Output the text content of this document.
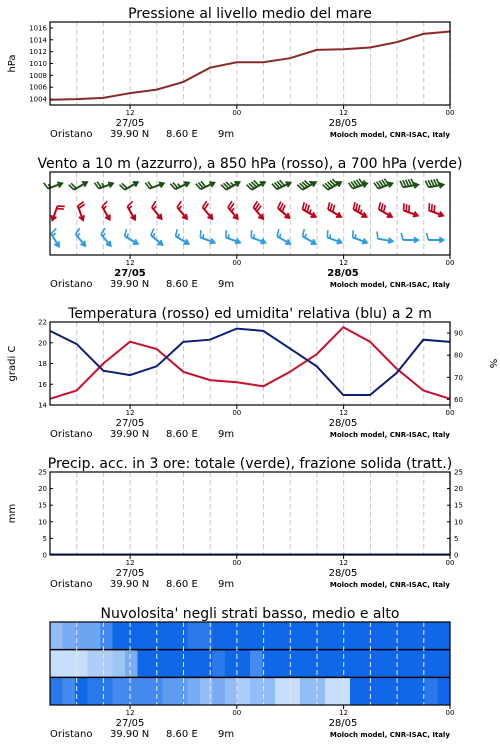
1004
1006
1008
1010
1012
1014
1016
hPa
Pressione al livello medio del mare
12	00	12	00
27/05	28/05
Oristano 39.90 N 8.60 E 9m	Moloch model, CNR-ISAC, Italy
Vento a 10 m (azzurro), a 850 hPa (rosso), a 700 hPa (verde)
12	00	12	00
27/05	28/05
Oristano 39.90 N 8.60 E 9m	Moloch model, CNR-ISAC, Italy
14
16
18
20
22
60
70
80
90
gradi C	%
Temperatura (rosso) ed umidita' relativa (blu) a 2 m
12	00	12	00
27/05	28/05
Oristano 39.90 N 8.60 E 9m	Moloch model, CNR-ISAC, Italy
0
5
10
15
20
25
0
5
10
15
20
25
mm
Precip. acc. in 3 ore: totale (verde), frazione solida (tratt.)
12	00	12	00
27/05	28/05
Oristano 39.90 N 8.60 E 9m	Moloch model, CNR-ISAC, Italy
Nuvolosita' negli strati basso, medio e alto
12	00	12	00
27/05	28/05
Oristano 39.90 N 8.60 E 9m	Moloch model, CNR-ISAC, Italy
